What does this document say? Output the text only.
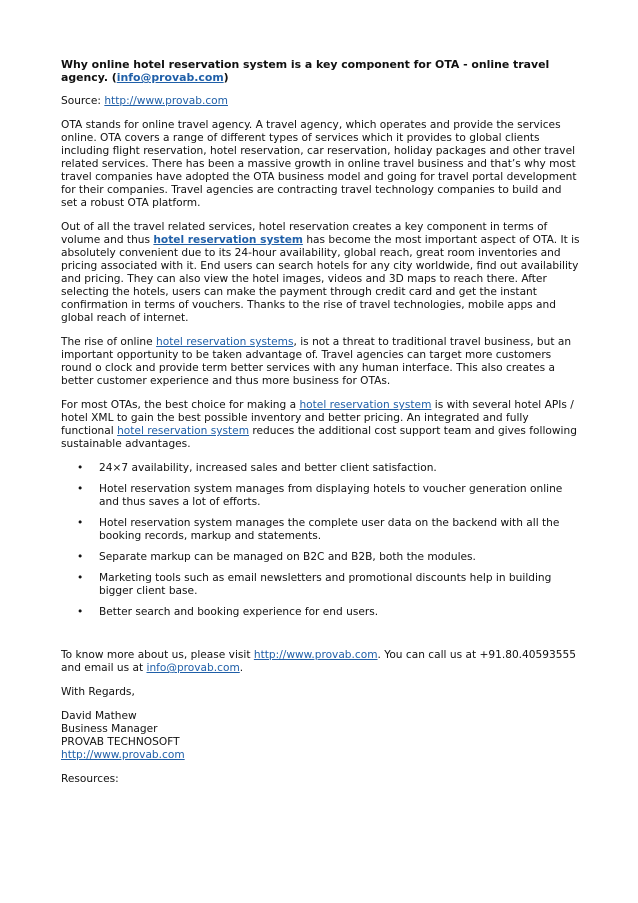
Why online hotel reservation system is a key component for OTA - online travel agency. (info@provab.com)

Source: http://www.provab.com

OTA stands for online travel agency. A travel agency, which operates and provide the services online. OTA covers a range of different types of services which it provides to global clients including flight reservation, hotel reservation, car reservation, holiday packages and other travel related services. There has been a massive growth in online travel business and that’s why most travel companies have adopted the OTA business model and going for travel portal development for their companies. Travel agencies are contracting travel technology companies to build and set a robust OTA platform.

Out of all the travel related services, hotel reservation creates a key component in terms of volume and thus hotel reservation system has become the most important aspect of OTA. It is absolutely convenient due to its 24-hour availability, global reach, great room inventories and pricing associated with it. End users can search hotels for any city worldwide, find out availability and pricing. They can also view the hotel images, videos and 3D maps to reach there. After selecting the hotels, users can make the payment through credit card and get the instant confirmation in terms of vouchers. Thanks to the rise of travel technologies, mobile apps and global reach of internet.

The rise of online hotel reservation systems, is not a threat to traditional travel business, but an important opportunity to be taken advantage of. Travel agencies can target more customers round o clock and provide term better services with any human interface. This also creates a better customer experience and thus more business for OTAs.

For most OTAs, the best choice for making a hotel reservation system is with several hotel APIs / hotel XML to gain the best possible inventory and better pricing. An integrated and fully functional hotel reservation system reduces the additional cost support team and gives following sustainable advantages.

• 24×7 availability, increased sales and better client satisfaction.
• Hotel reservation system manages from displaying hotels to voucher generation online and thus saves a lot of efforts.
• Hotel reservation system manages the complete user data on the backend with all the booking records, markup and statements.
• Separate markup can be managed on B2C and B2B, both the modules.
• Marketing tools such as email newsletters and promotional discounts help in building bigger client base.
• Better search and booking experience for end users.

To know more about us, please visit http://www.provab.com. You can call us at +91.80.40593555 and email us at info@provab.com.

With Regards,

David Mathew
Business Manager
PROVAB TECHNOSOFT
http://www.provab.com

Resources:
